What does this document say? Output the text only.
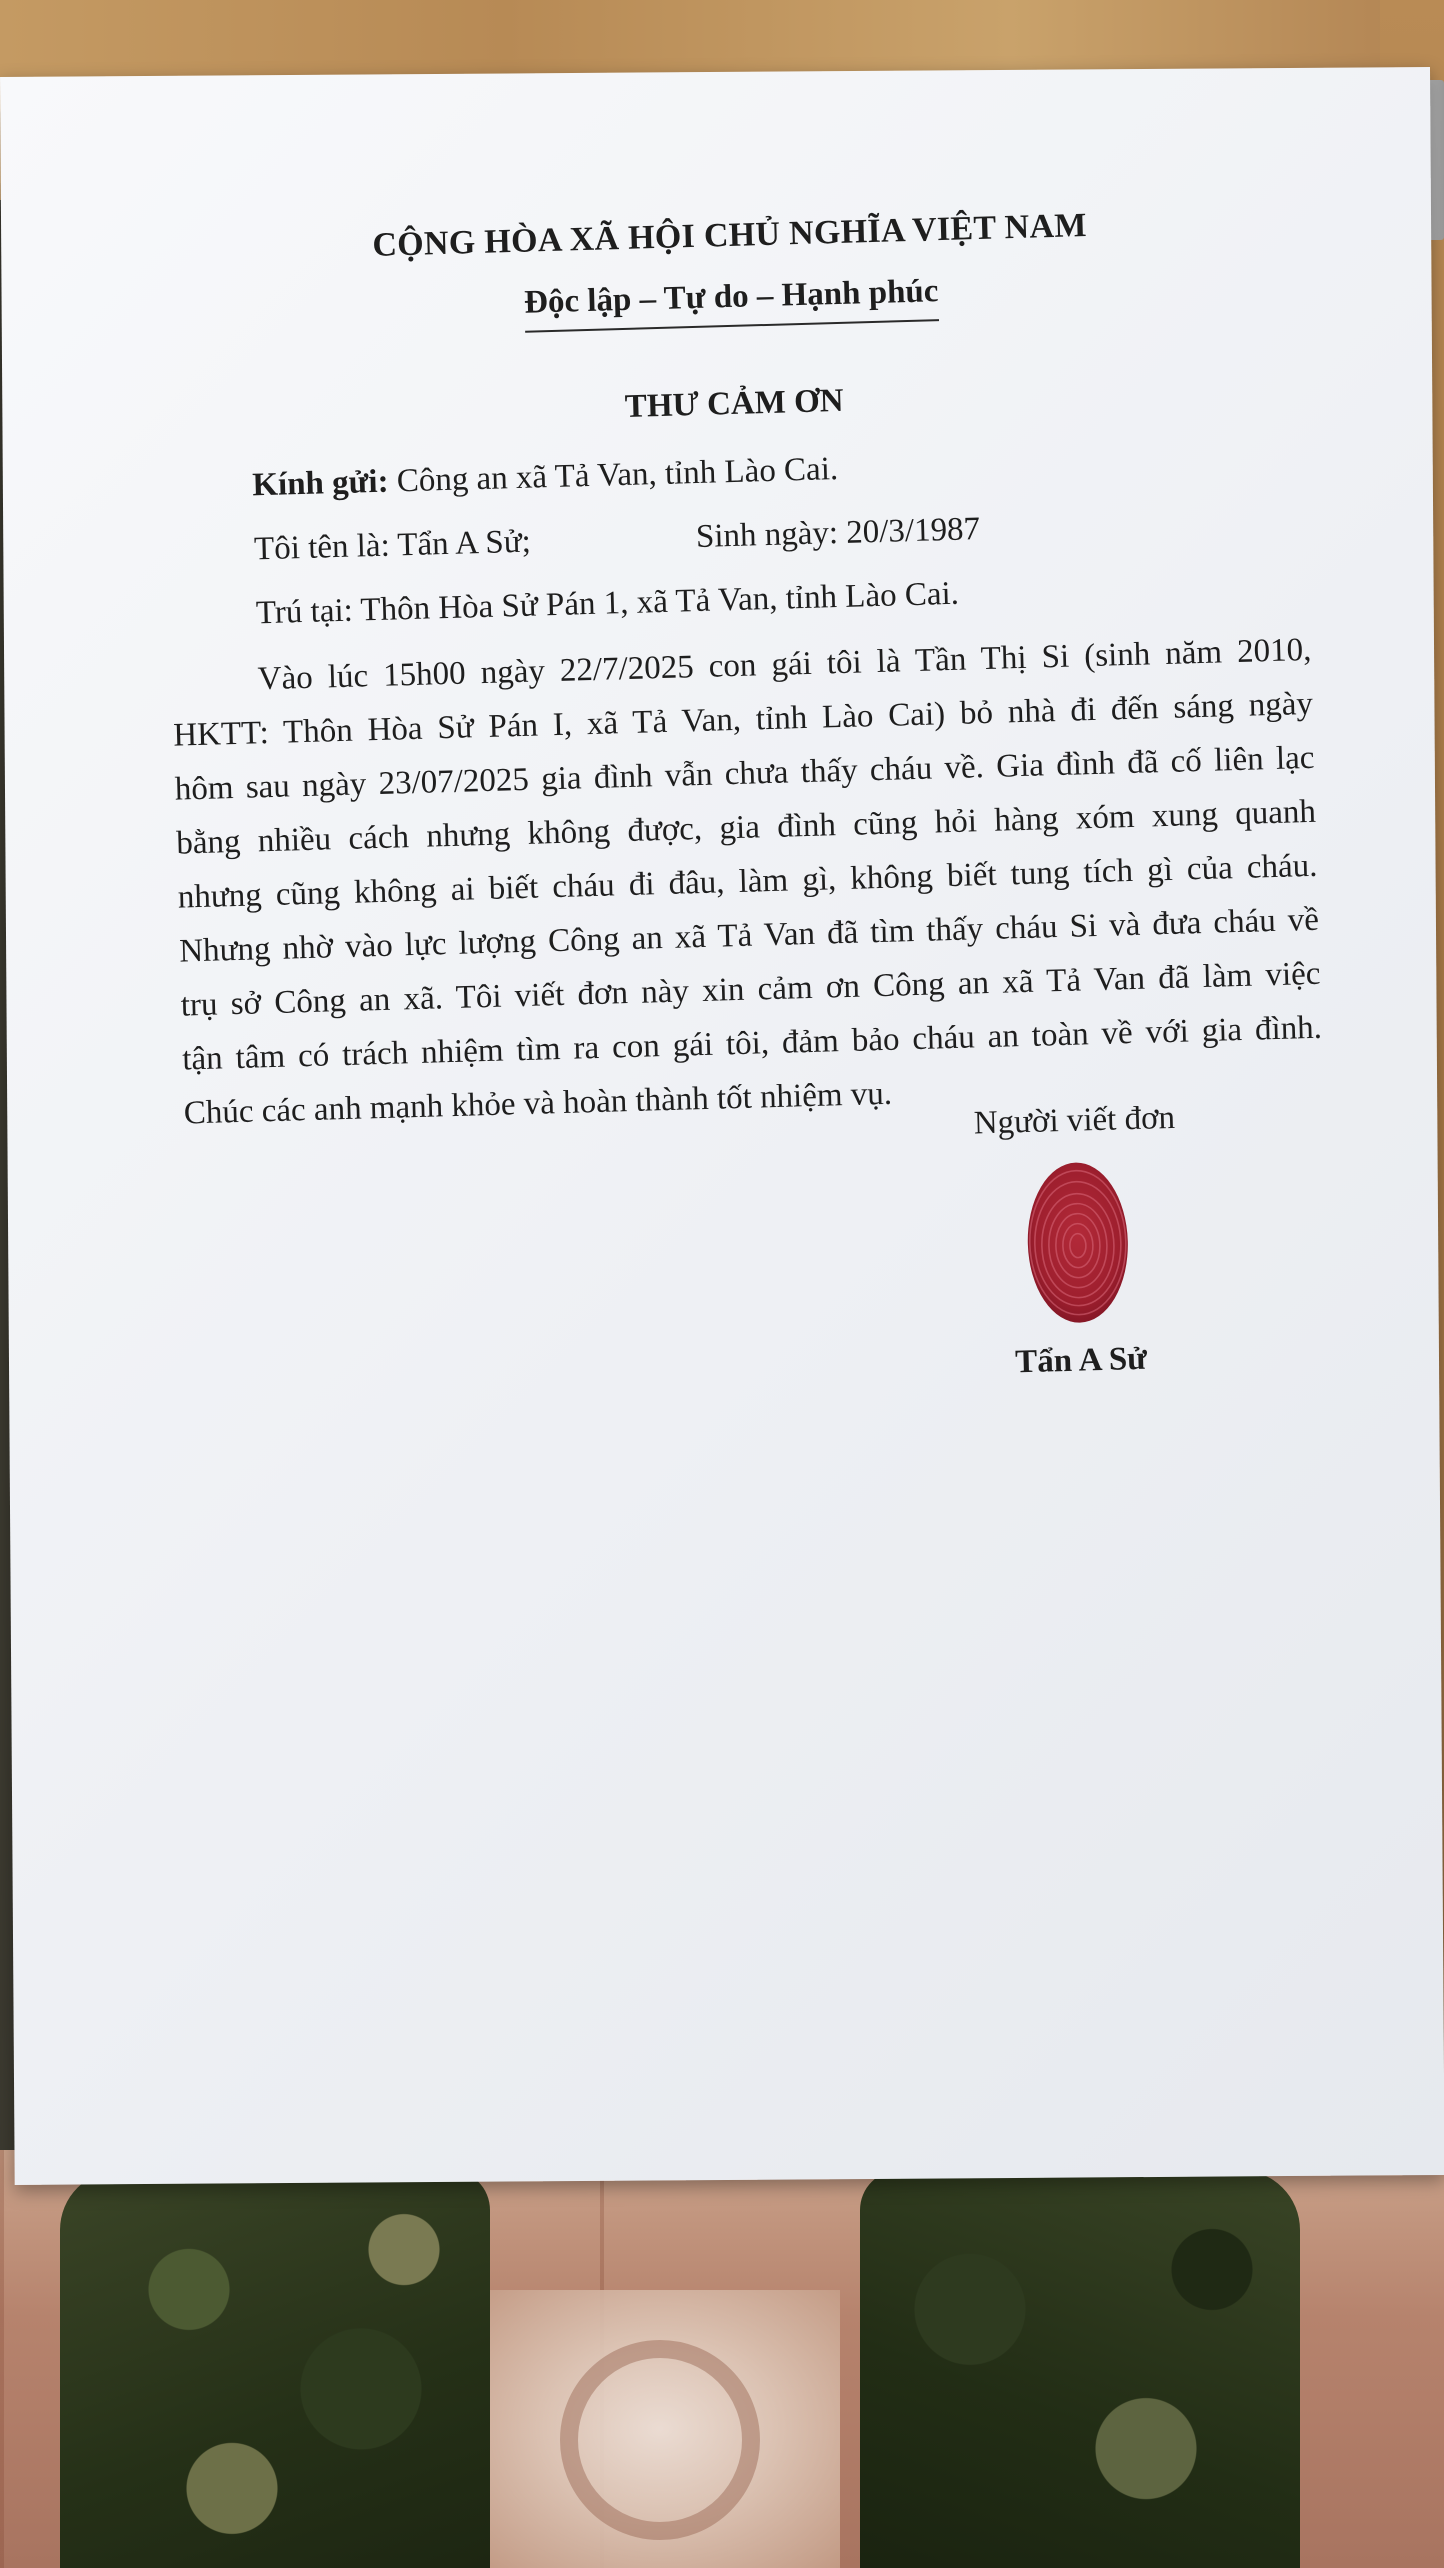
CỘNG HÒA XÃ HỘI CHỦ NGHĨA VIỆT NAM
Độc lập – Tự do – Hạnh phúc
THƯ CẢM ƠN
Kính gửi: Công an xã Tả Van, tỉnh Lào Cai.
Tôi tên là: Tẩn A Sử;	Sinh ngày: 20/3/1987
Trú tại: Thôn Hòa Sử Pán 1, xã Tả Van, tỉnh Lào Cai.
Vào lúc 15h00 ngày 22/7/2025 con gái tôi là Tần Thị Si (sinh năm 2010,
HKTT: Thôn Hòa Sử Pán I, xã Tả Van, tỉnh Lào Cai) bỏ nhà đi đến sáng ngày
hôm sau ngày 23/07/2025 gia đình vẫn chưa thấy cháu về. Gia đình đã cố liên lạc
bằng nhiều cách nhưng không được, gia đình cũng hỏi hàng xóm xung quanh
nhưng cũng không ai biết cháu đi đâu, làm gì, không biết tung tích gì của cháu.
Nhưng nhờ vào lực lượng Công an xã Tả Van đã tìm thấy cháu Si và đưa cháu về
trụ sở Công an xã. Tôi viết đơn này xin cảm ơn Công an xã Tả Van đã làm việc
tận tâm có trách nhiệm tìm ra con gái tôi, đảm bảo cháu an toàn về với gia đình.
Chúc các anh mạnh khỏe và hoàn thành tốt nhiệm vụ.	Người viết đơn
Tẩn A Sử
